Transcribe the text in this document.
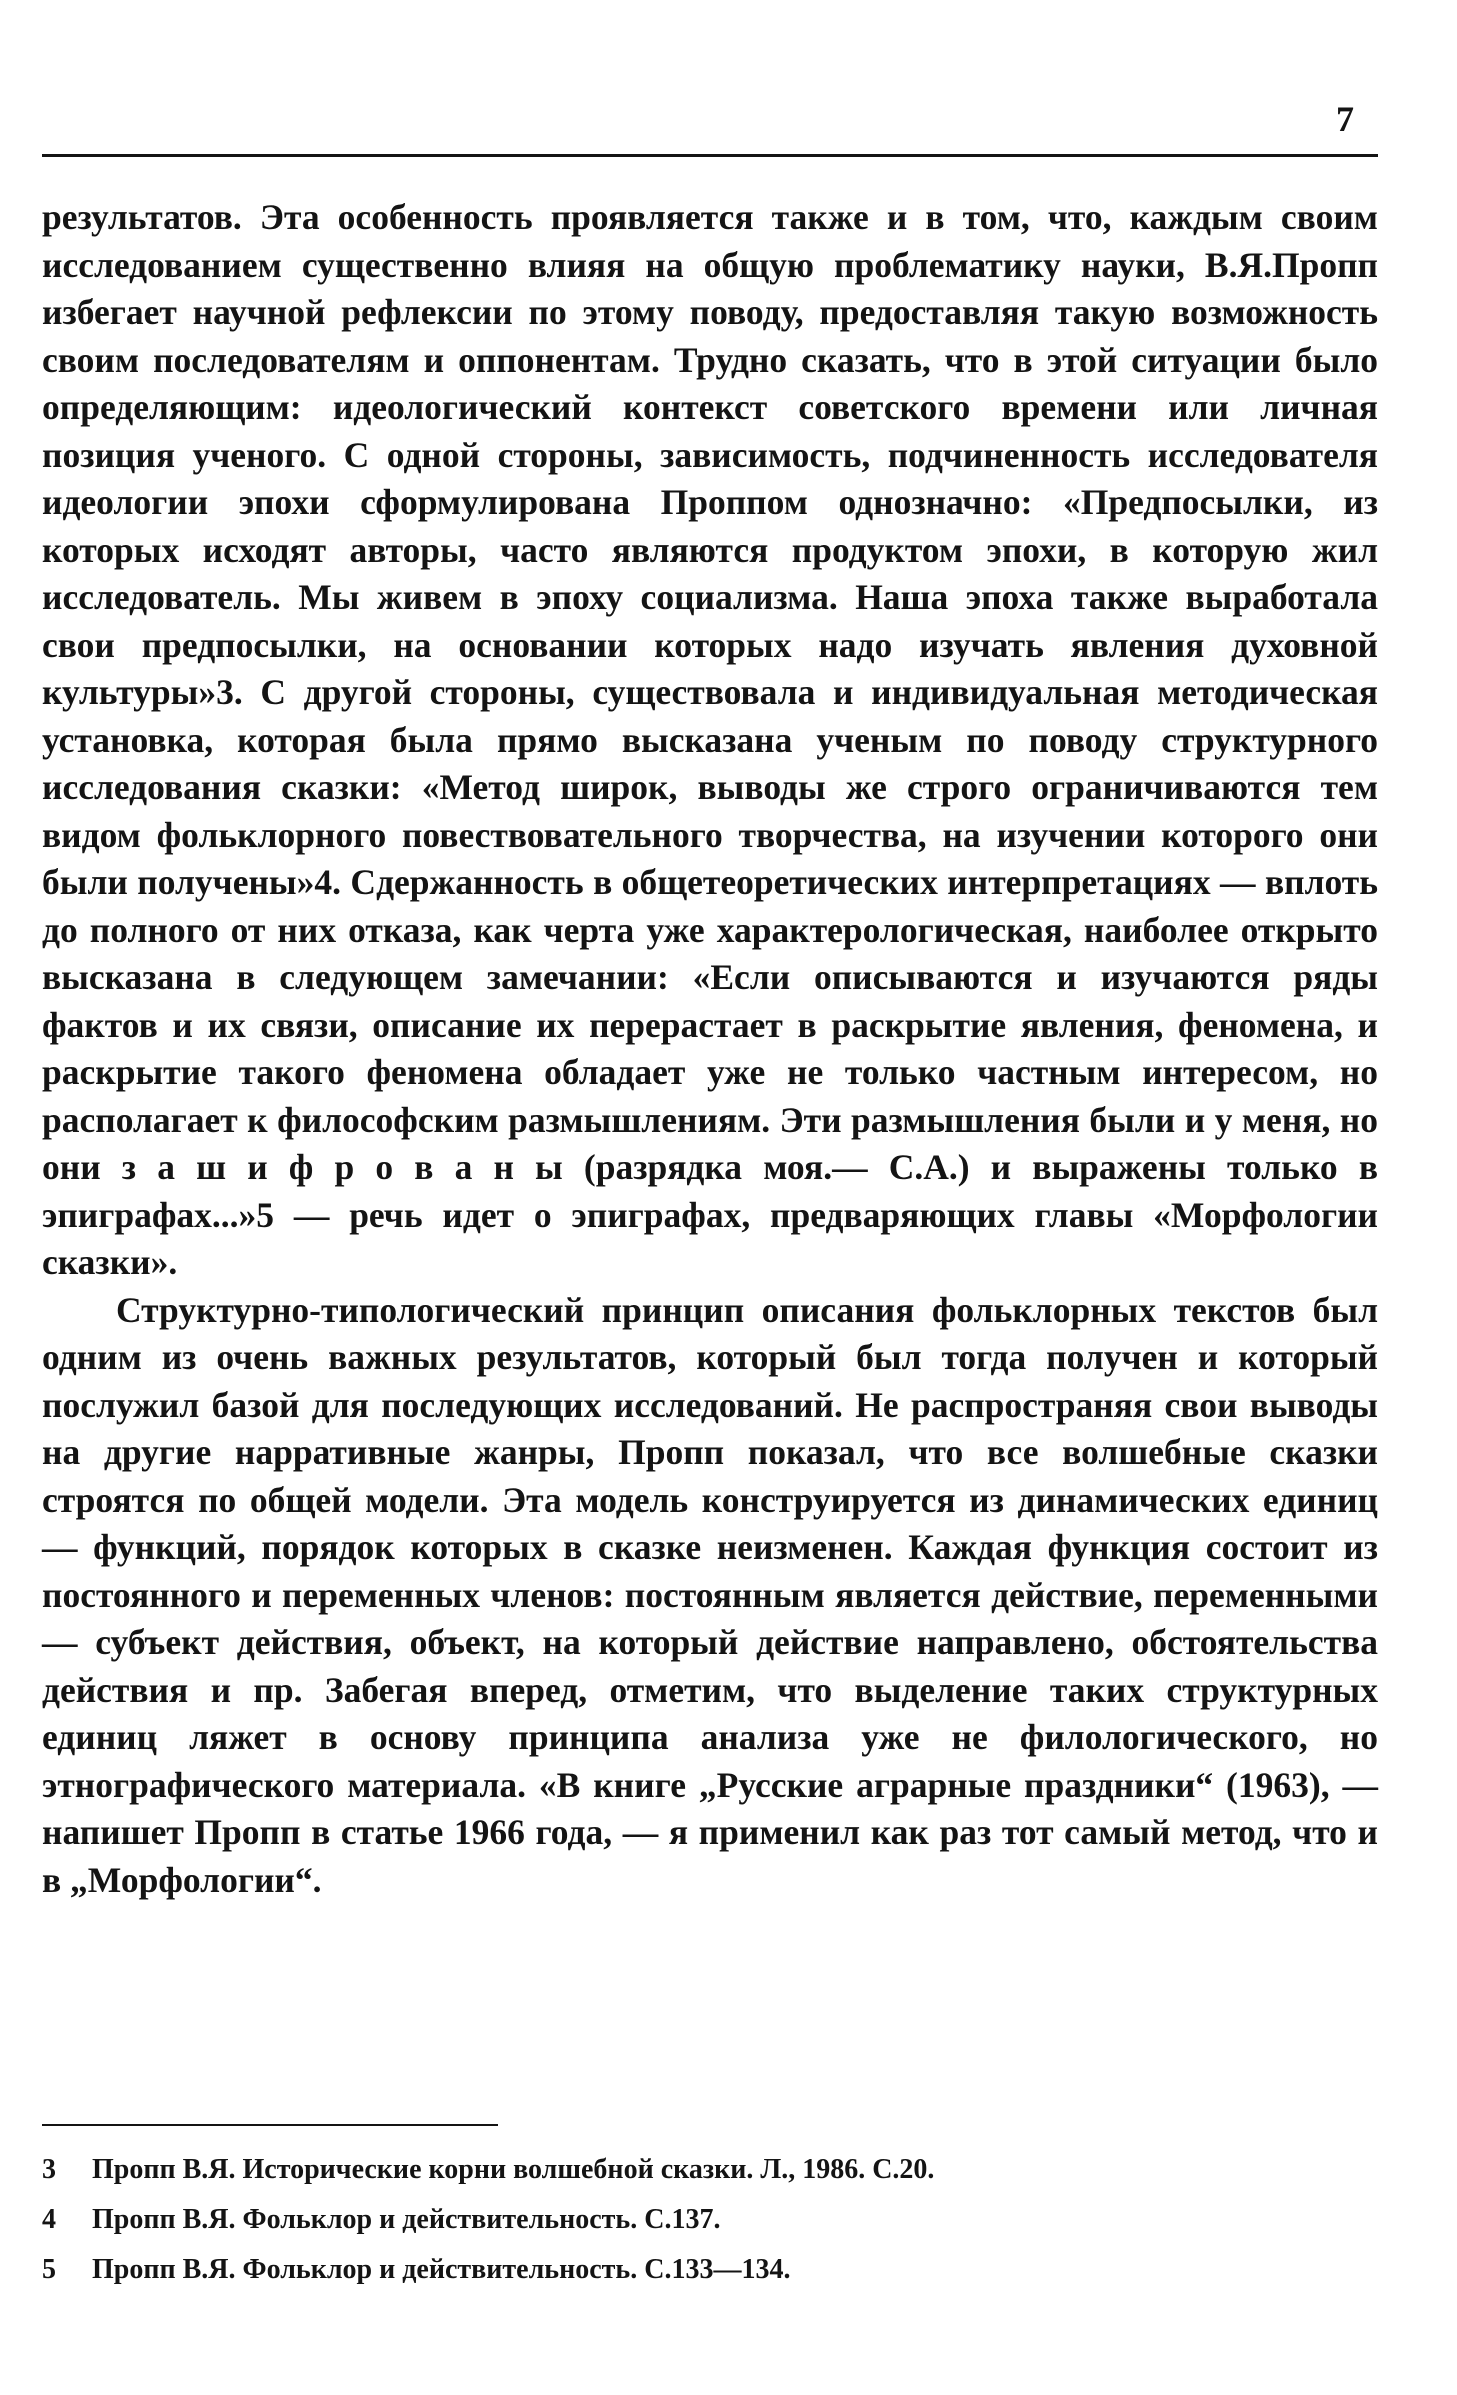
7

результатов. Эта особенность проявляется также и в том, что, каждым своим исследованием существенно влияя на общую проблематику науки, В.Я.Пропп избегает научной рефлексии по этому поводу, предоставляя такую возможность своим последователям и оппонентам. Трудно сказать, что в этой ситуации было определяющим: идеологический контекст советского времени или личная позиция ученого. С одной стороны, зависимость, подчиненность исследователя идеологии эпохи сформулирована Проппом однозначно: «Предпосылки, из которых исходят авторы, часто являются продуктом эпохи, в которую жил исследователь. Мы живем в эпоху социализма. Наша эпоха также выработала свои предпосылки, на основании которых надо изучать явления духовной культуры»3. С другой стороны, существовала и индивидуальная методическая установка, которая была прямо высказана ученым по поводу структурного исследования сказки: «Метод широк, выводы же строго ограничиваются тем видом фольклорного повествовательного творчества, на изучении которого они были получены»4. Сдержанность в общетеоретических интерпретациях — вплоть до полного от них отказа, как черта уже характерологическая, наиболее открыто высказана в следующем замечании: «Если описываются и изучаются ряды фактов и их связи, описание их перерастает в раскрытие явления, феномена, и раскрытие такого феномена обладает уже не только частным интересом, но располагает к философским размышлениям. Эти размышления были и у меня, но они з а ш и ф р о в а н ы (разрядка моя.— С.А.) и выражены только в эпиграфах...»5 — речь идет о эпиграфах, предваряющих главы «Морфологии сказки».

Структурно-типологический принцип описания фольклорных текстов был одним из очень важных результатов, который был тогда получен и который послужил базой для последующих исследований. Не распространяя свои выводы на другие нарративные жанры, Пропп показал, что все волшебные сказки строятся по общей модели. Эта модель конструируется из динамических единиц — функций, порядок которых в сказке неизменен. Каждая функция состоит из постоянного и переменных членов: постоянным является действие, переменными — субъект действия, объект, на который действие направлено, обстоятельства действия и пр. Забегая вперед, отметим, что выделение таких структурных единиц ляжет в основу принципа анализа уже не филологического, но этнографического материала. «В книге „Русские аграрные праздники“ (1963), — напишет Пропп в статье 1966 года, — я применил как раз тот самый метод, что и в „Морфологии“.

3	Пропп В.Я. Исторические корни волшебной сказки. Л., 1986. С.20.
4	Пропп В.Я. Фольклор и действительность. С.137.
5	Пропп В.Я. Фольклор и действительность. С.133—134.
